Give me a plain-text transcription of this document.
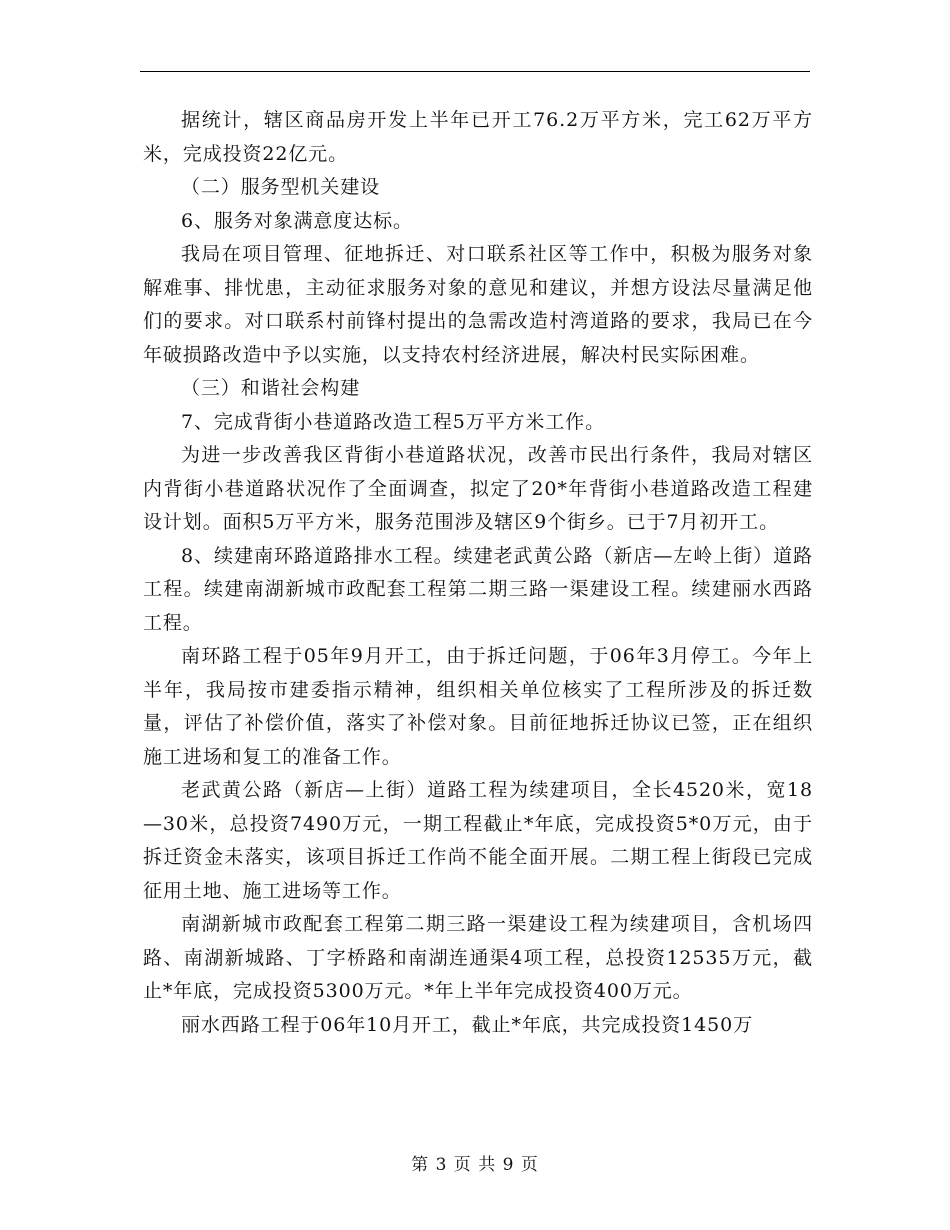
据统计，辖区商品房开发上半年已开工76.2万平方米，完工62万平方米，完成投资22亿元。

（二）服务型机关建设

6、服务对象满意度达标。

我局在项目管理、征地拆迁、对口联系社区等工作中，积极为服务对象解难事、排忧患，主动征求服务对象的意见和建议，并想方设法尽量满足他们的要求。对口联系村前锋村提出的急需改造村湾道路的要求，我局已在今年破损路改造中予以实施，以支持农村经济进展，解决村民实际困难。

（三）和谐社会构建

7、完成背街小巷道路改造工程5万平方米工作。

为进一步改善我区背街小巷道路状况，改善市民出行条件，我局对辖区内背街小巷道路状况作了全面调查，拟定了20*年背街小巷道路改造工程建设计划。面积5万平方米，服务范围涉及辖区9个街乡。已于7月初开工。

8、续建南环路道路排水工程。续建老武黄公路（新店—左岭上街）道路工程。续建南湖新城市政配套工程第二期三路一渠建设工程。续建丽水西路工程。

南环路工程于05年9月开工，由于拆迁问题，于06年3月停工。今年上半年，我局按市建委指示精神，组织相关单位核实了工程所涉及的拆迁数量，评估了补偿价值，落实了补偿对象。目前征地拆迁协议已签，正在组织施工进场和复工的准备工作。

老武黄公路（新店—上街）道路工程为续建项目，全长4520米，宽18—30米，总投资7490万元，一期工程截止*年底，完成投资5*0万元，由于拆迁资金未落实，该项目拆迁工作尚不能全面开展。二期工程上街段已完成征用土地、施工进场等工作。

南湖新城市政配套工程第二期三路一渠建设工程为续建项目，含机场四路、南湖新城路、丁字桥路和南湖连通渠4项工程，总投资12535万元，截止*年底，完成投资5300万元。*年上半年完成投资400万元。

丽水西路工程于06年10月开工，截止*年底，共完成投资1450万

第 3 页 共 9 页
